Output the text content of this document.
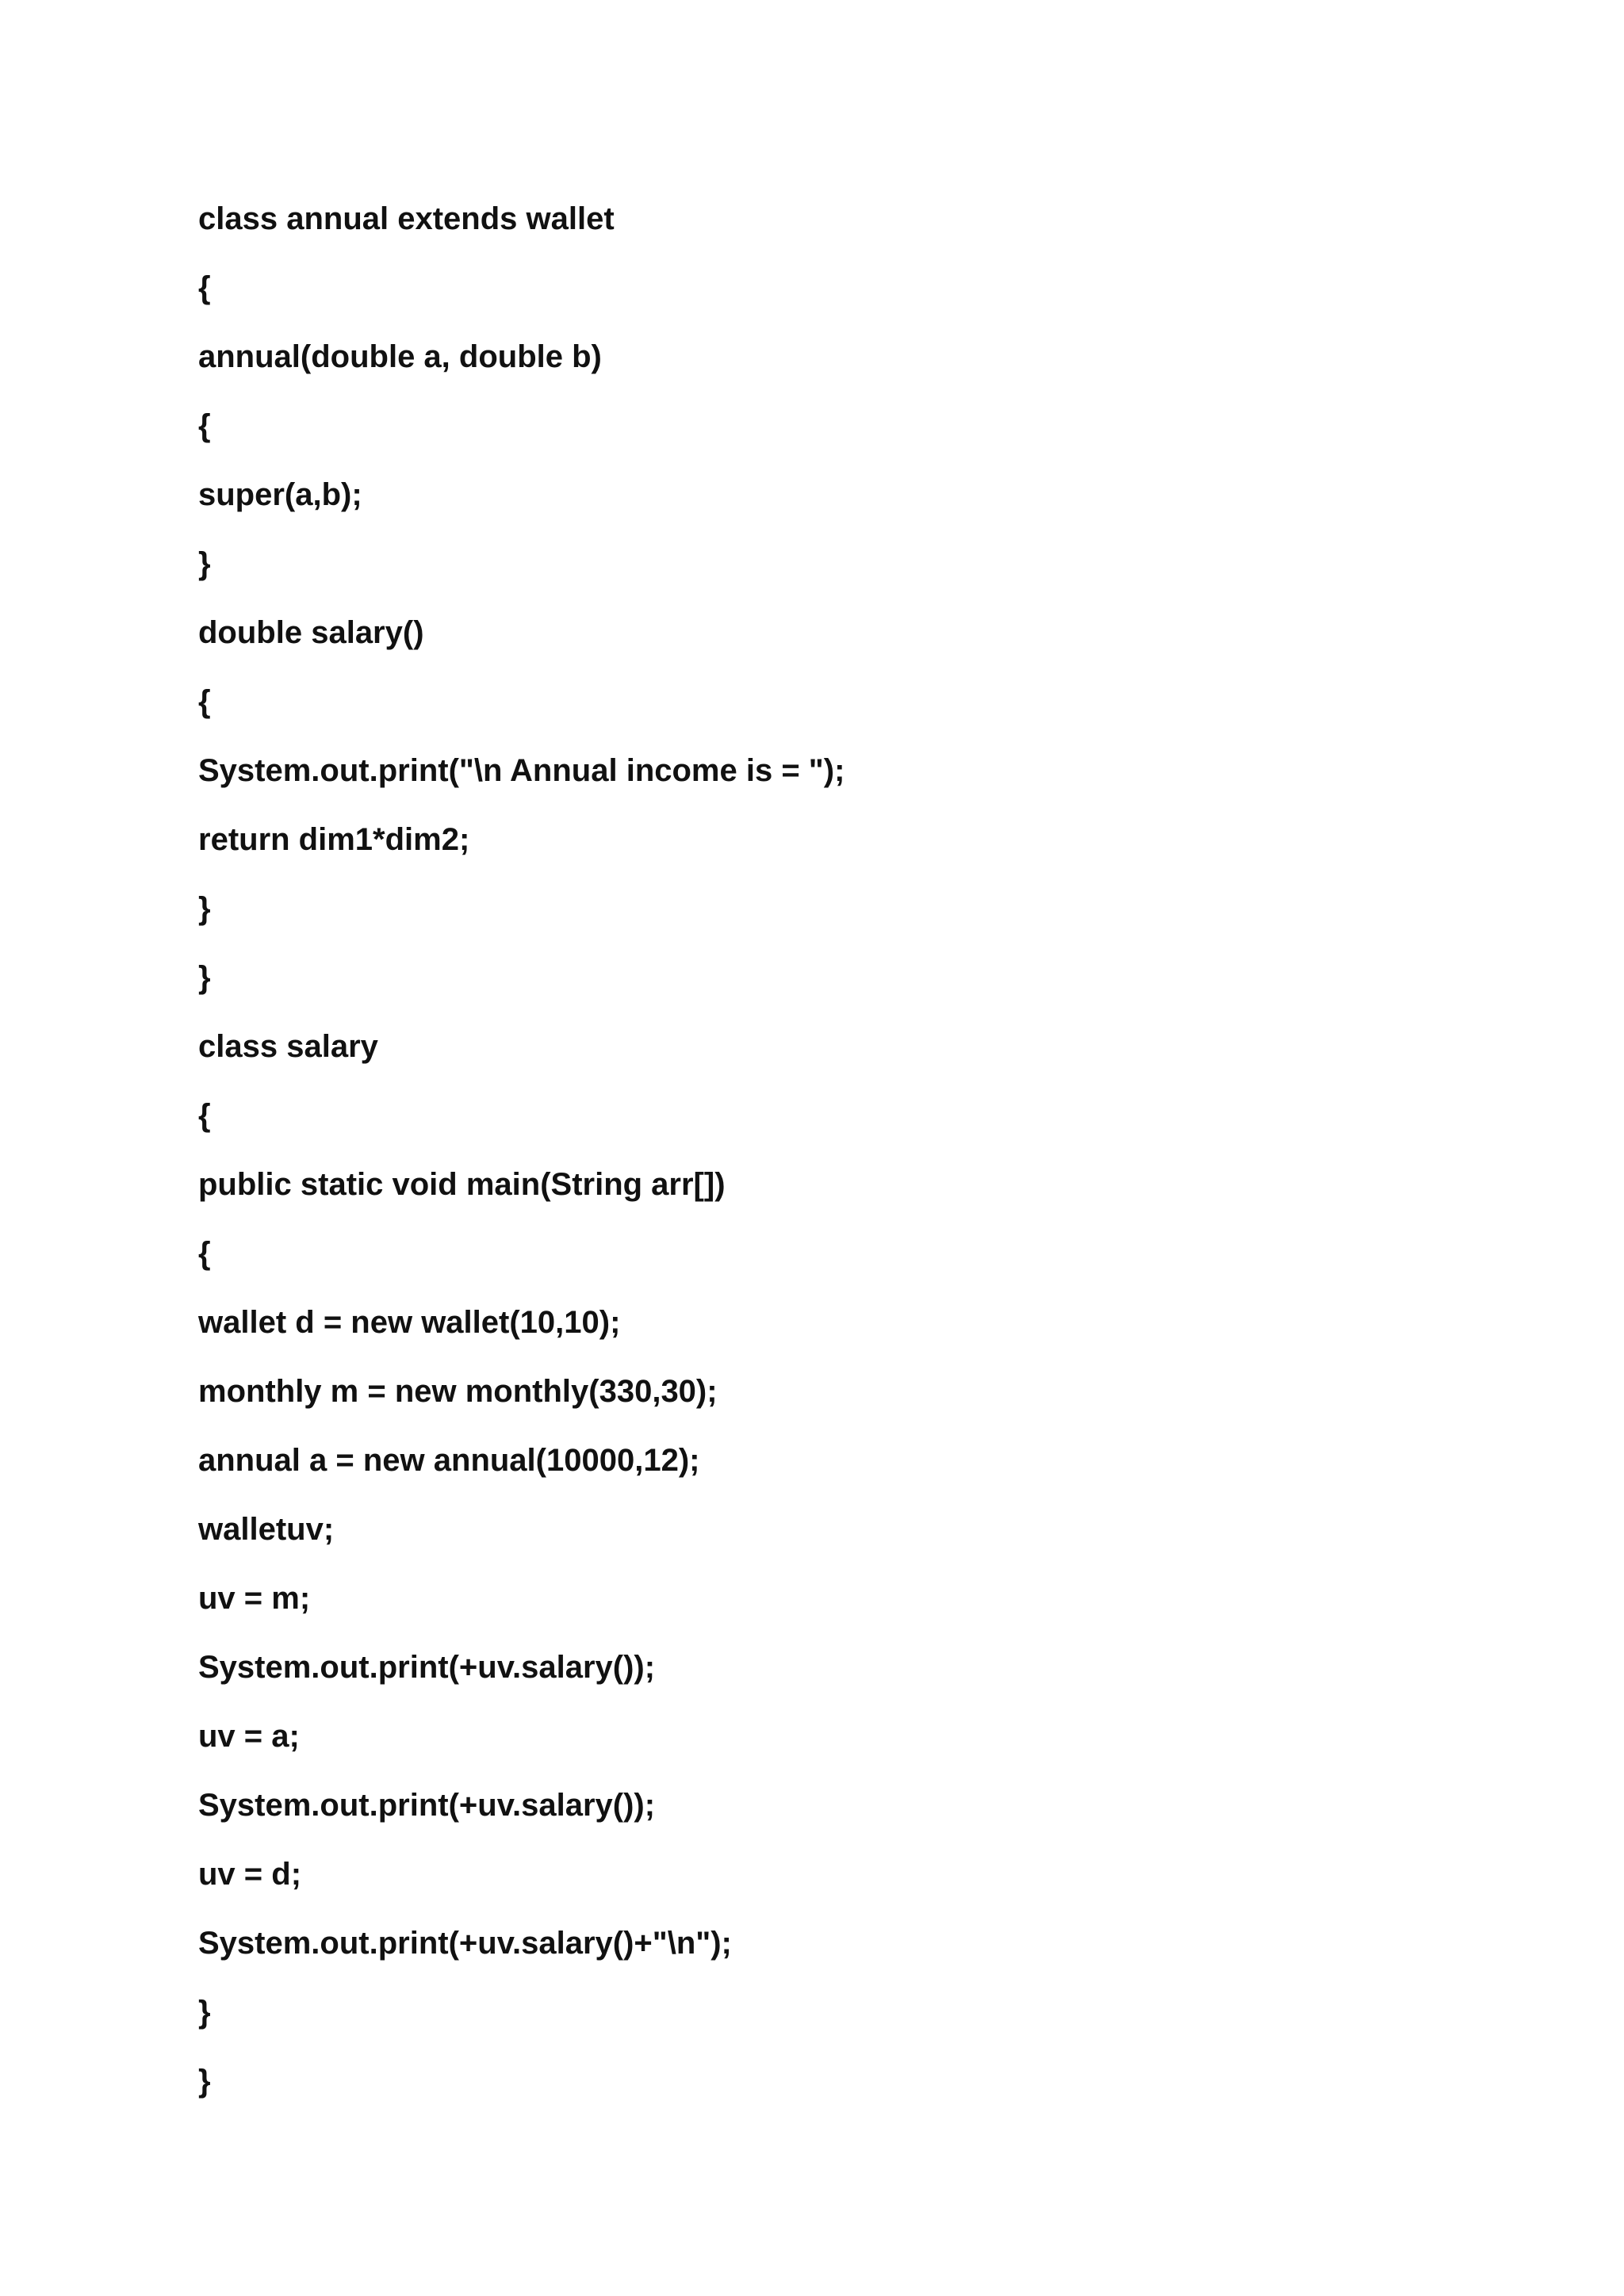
class annual extends wallet
{
annual(double a, double b)
{
super(a,b);
}
double salary()
{
System.out.print("\n Annual income is = ");
return dim1*dim2;
}
}
class salary
{
public static void main(String arr[])
{
wallet d = new wallet(10,10);
monthly m = new monthly(330,30);
annual a = new annual(10000,12);
walletuv;
uv = m;
System.out.print(+uv.salary());
uv = a;
System.out.print(+uv.salary());
uv = d;
System.out.print(+uv.salary()+"\n");
}
}
